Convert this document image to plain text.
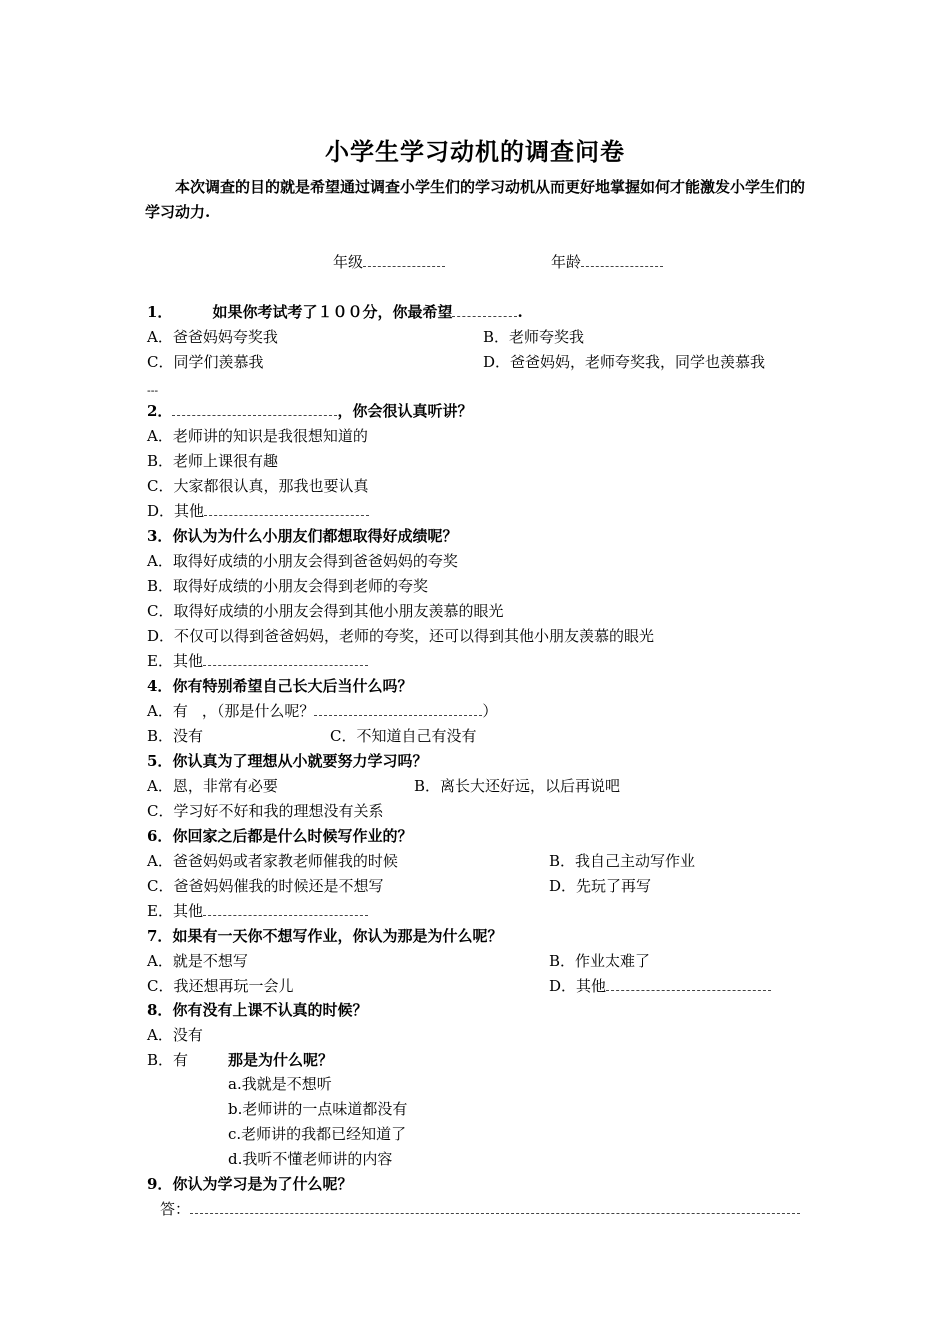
小学生学习动机的调查问卷
本次调查的目的就是希望通过调查小学生们的学习动机从而更好地掌握如何才能激发小学生们的学习动力.
年级	年龄
1．	如果你考试考了１００分，你最希望	.
A．爸爸妈妈夸奖我	B．老师夸奖我
C．同学们羡慕我	D．爸爸妈妈，老师夸奖我，同学也羡慕我
---
2．	，你会很认真听讲？
A．老师讲的知识是我很想知道的
B．老师上课很有趣
C．大家都很认真，那我也要认真
D．其他
3．你认为为什么小朋友们都想取得好成绩呢？
A．取得好成绩的小朋友会得到爸爸妈妈的夸奖
B．取得好成绩的小朋友会得到老师的夸奖
C．取得好成绩的小朋友会得到其他小朋友羡慕的眼光
D．不仅可以得到爸爸妈妈，老师的夸奖，还可以得到其他小朋友羡慕的眼光
E．其他
4．你有特别希望自己长大后当什么吗？
A．有 ，（那是什么呢？	）
B．没有	C．不知道自己有没有
5．你认真为了理想从小就要努力学习吗？
A．恩，非常有必要	B．离长大还好远，以后再说吧
C．学习好不好和我的理想没有关系
6．你回家之后都是什么时候写作业的？
A．爸爸妈妈或者家教老师催我的时候	B．我自己主动写作业
C．爸爸妈妈催我的时候还是不想写	D．先玩了再写
E．其他
7．如果有一天你不想写作业，你认为那是为什么呢？
A．就是不想写	B．作业太难了
C．我还想再玩一会儿	D．其他
8．你有没有上课不认真的时候？
A．没有
B．有	那是为什么呢？
a.我就是不想听
b.老师讲的一点味道都没有
c.老师讲的我都已经知道了
d.我听不懂老师讲的内容
9．你认为学习是为了什么呢？
答：
